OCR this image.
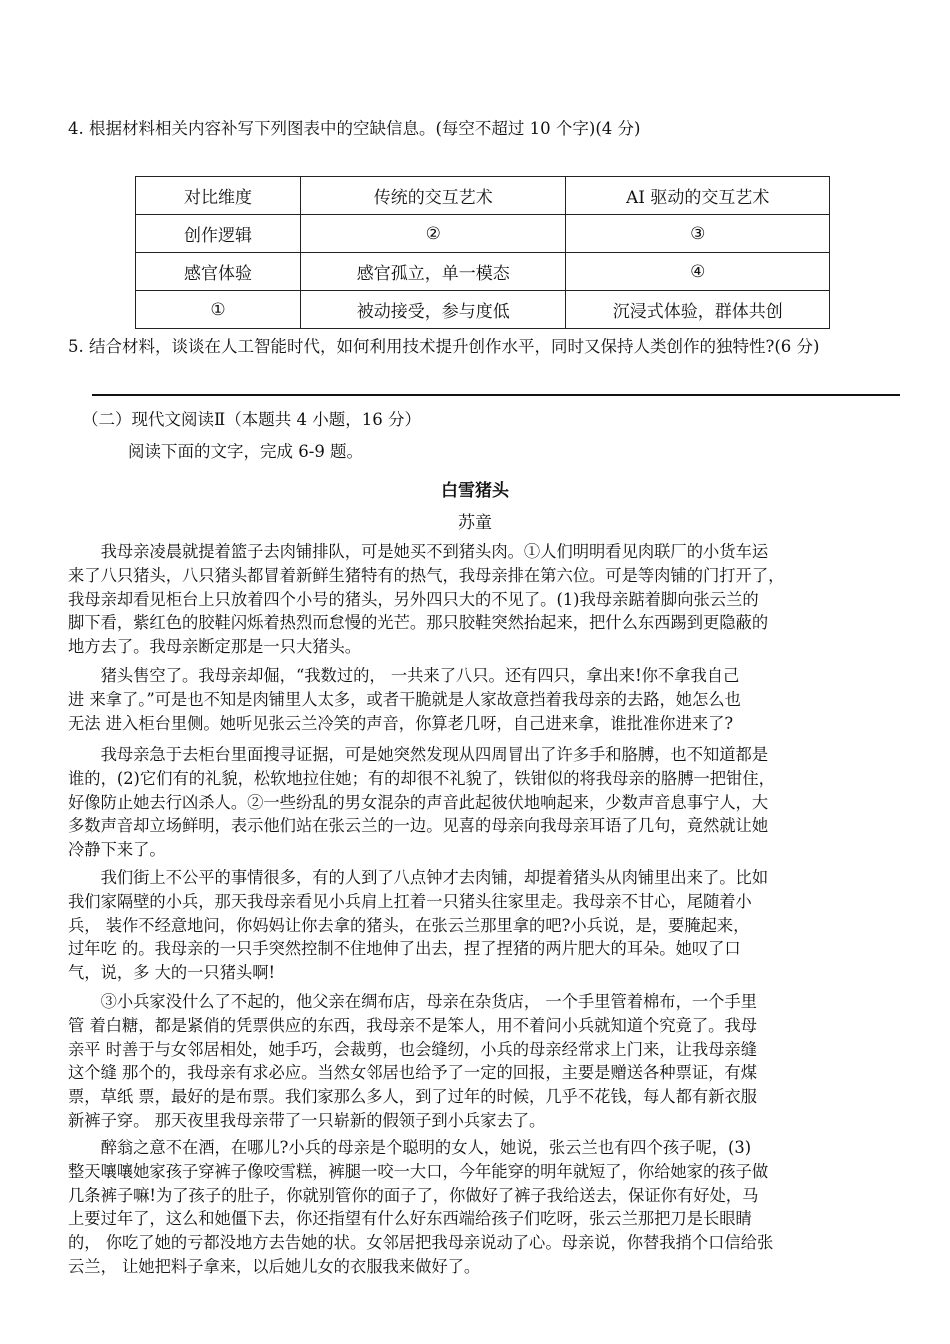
4. 根据材料相关内容补写下列图表中的空缺信息。(每空不超过 10 个字)(4 分)
对比维度	传统的交互艺术	AI 驱动的交互艺术
创作逻辑	②	③
感官体验	感官孤立，单一模态	④
①	被动接受，参与度低	沉浸式体验，群体共创
5. 结合材料，谈谈在人工智能时代，如何利用技术提升创作水平，同时又保持人类创作的独特性?(6 分)
（二）现代文阅读Ⅱ（本题共 4 小题，16 分）
阅读下面的文字，完成 6-9 题。
白雪猪头
苏童
　　我母亲凌晨就提着篮子去肉铺排队，可是她买不到猪头肉。①人们明明看见肉联厂的小货车运
来了八只猪头，八只猪头都冒着新鲜生猪特有的热气，我母亲排在第六位。可是等肉铺的门打开了，
我母亲却看见柜台上只放着四个小号的猪头，另外四只大的不见了。(1)我母亲踮着脚向张云兰的
脚下看，紫红色的胶鞋闪烁着热烈而怠慢的光芒。那只胶鞋突然抬起来，把什么东西踢到更隐蔽的
地方去了。我母亲断定那是一只大猪头。
　　猪头售空了。我母亲却倔，“我数过的， 一共来了八只。还有四只，拿出来!你不拿我自己
进 来拿了。”可是也不知是肉铺里人太多，或者干脆就是人家故意挡着我母亲的去路，她怎么也
无法 进入柜台里侧。她听见张云兰冷笑的声音，你算老几呀，自己进来拿，谁批准你进来了?
　　我母亲急于去柜台里面搜寻证据，可是她突然发现从四周冒出了许多手和胳膊，也不知道都是
谁的，(2)它们有的礼貌，松软地拉住她；有的却很不礼貌了，铁钳似的将我母亲的胳膊一把钳住，
好像防止她去行凶杀人。②一些纷乱的男女混杂的声音此起彼伏地响起来，少数声音息事宁人，大
多数声音却立场鲜明，表示他们站在张云兰的一边。见喜的母亲向我母亲耳语了几句，竟然就让她
冷静下来了。
　　我们街上不公平的事情很多，有的人到了八点钟才去肉铺，却提着猪头从肉铺里出来了。比如
我们家隔壁的小兵，那天我母亲看见小兵肩上扛着一只猪头往家里走。我母亲不甘心，尾随着小
兵， 装作不经意地问，你妈妈让你去拿的猪头，在张云兰那里拿的吧?小兵说，是，要腌起来，
过年吃 的。我母亲的一只手突然控制不住地伸了出去，捏了捏猪的两片肥大的耳朵。她叹了口
气，说，多 大的一只猪头啊!
　　③小兵家没什么了不起的，他父亲在绸布店，母亲在杂货店， 一个手里管着棉布，一个手里
管 着白糖，都是紧俏的凭票供应的东西，我母亲不是笨人，用不着问小兵就知道个究竟了。我母
亲平 时善于与女邻居相处，她手巧，会裁剪，也会缝纫，小兵的母亲经常求上门来，让我母亲缝
这个缝 那个的，我母亲有求必应。当然女邻居也给予了一定的回报，主要是赠送各种票证，有煤
票，草纸 票，最好的是布票。我们家那么多人，到了过年的时候，几乎不花钱，每人都有新衣服
新裤子穿。 那天夜里我母亲带了一只崭新的假领子到小兵家去了。
　　醉翁之意不在酒，在哪儿?小兵的母亲是个聪明的女人，她说，张云兰也有四个孩子呢，(3)
整天嚷嚷她家孩子穿裤子像咬雪糕，裤腿一咬一大口，今年能穿的明年就短了，你给她家的孩子做
几条裤子嘛!为了孩子的肚子，你就别管你的面子了，你做好了裤子我给送去，保证你有好处，马
上要过年了，这么和她僵下去，你还指望有什么好东西端给孩子们吃呀，张云兰那把刀是长眼睛
的， 你吃了她的亏都没地方去告她的状。女邻居把我母亲说动了心。母亲说，你替我捎个口信给张
云兰， 让她把料子拿来，以后她儿女的衣服我来做好了。
